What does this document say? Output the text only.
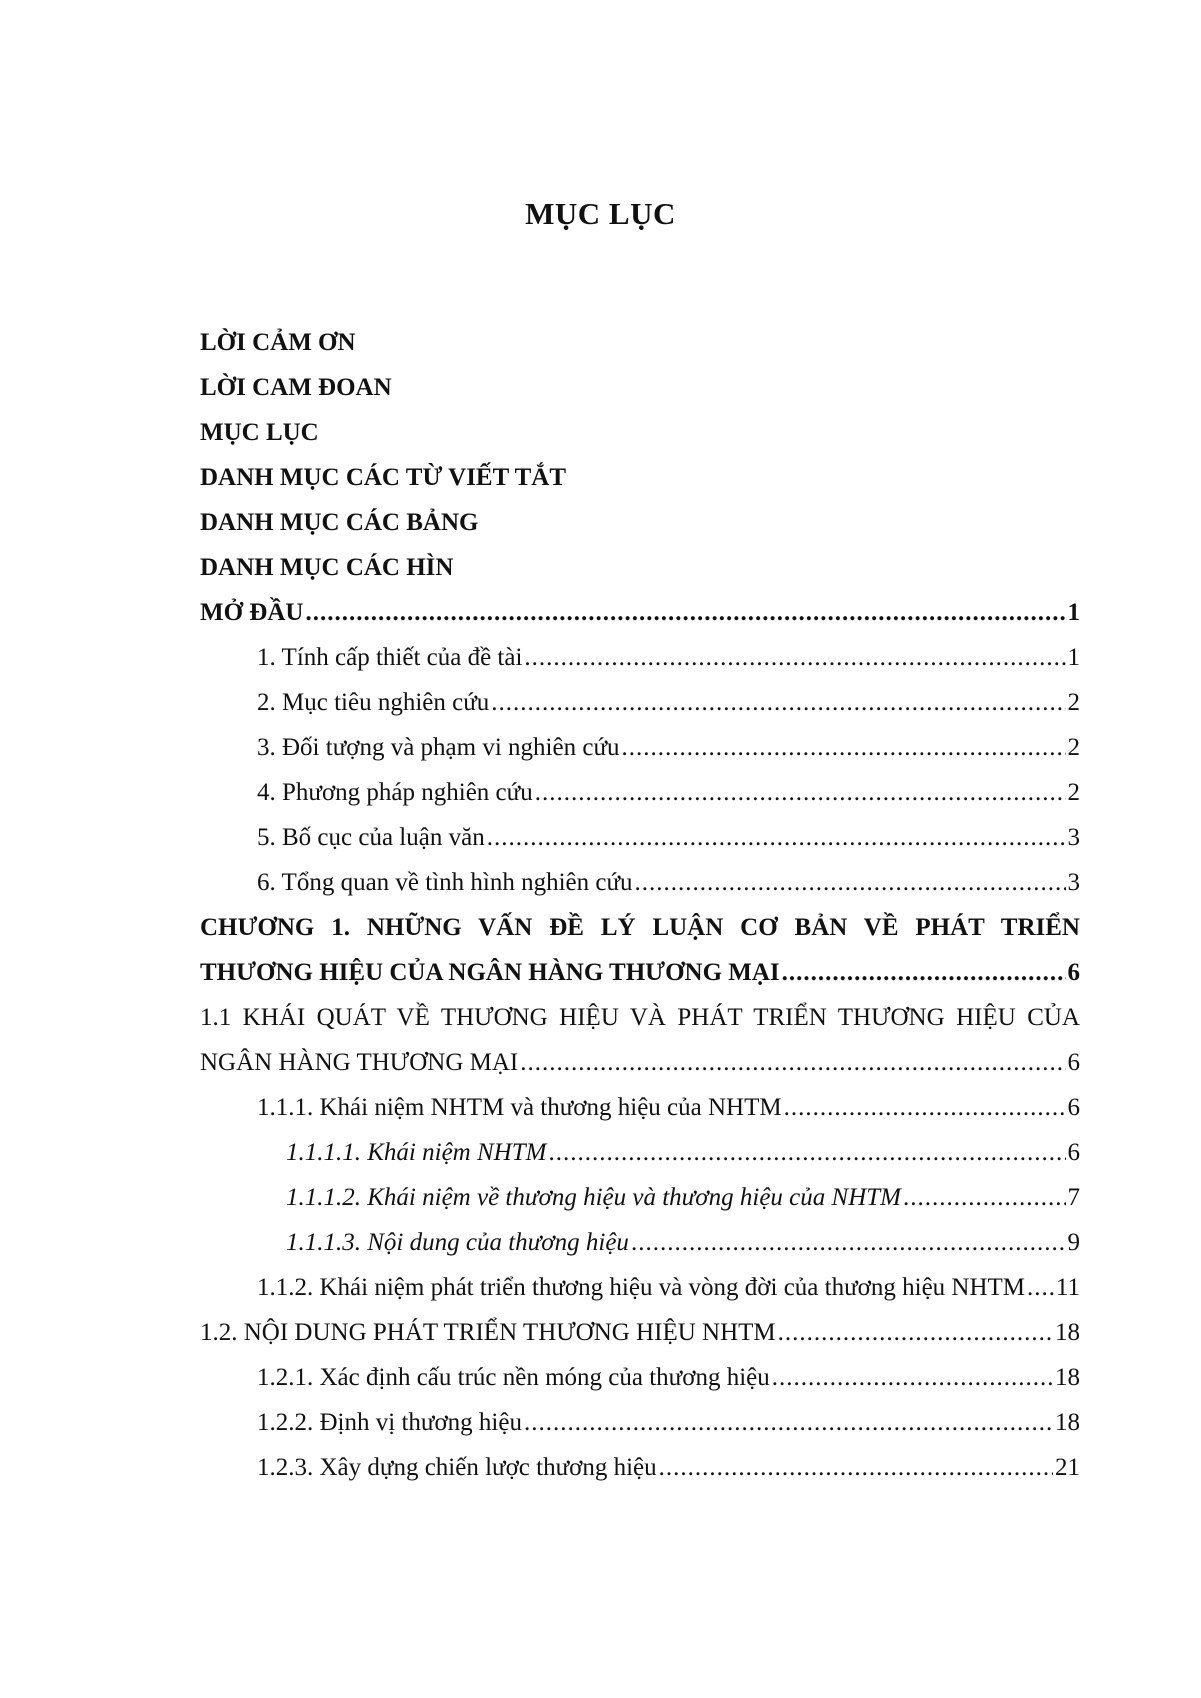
MỤC LỤC
LỜI CẢM ƠN
LỜI CAM ĐOAN
MỤC LỤC
DANH MỤC CÁC TỪ VIẾT TẮT
DANH MỤC CÁC BẢNG
DANH MỤC CÁC HÌN
MỞ ĐẦU .....	1
1. Tính cấp thiết của đề tài .....	1
2. Mục tiêu nghiên cứu .....	2
3. Đối tượng và phạm vi nghiên cứu .....	2
4. Phương pháp nghiên cứu .....	2
5. Bố cục của luận văn .....	3
6. Tổng quan về tình hình nghiên cứu .....	3
CHƯƠNG 1. NHỮNG VẤN ĐỀ LÝ LUẬN CƠ BẢN VỀ PHÁT TRIỂN
THƯƠNG HIỆU CỦA NGÂN HÀNG THƯƠNG MẠI .....	6
1.1 KHÁI QUÁT VỀ THƯƠNG HIỆU VÀ PHÁT TRIỂN THƯƠNG HIỆU CỦA
NGÂN HÀNG THƯƠNG MẠI .....	6
1.1.1. Khái niệm NHTM và thương hiệu của NHTM .....	6
1.1.1.1. Khái niệm NHTM .....	6
1.1.1.2. Khái niệm về thương hiệu và thương hiệu của NHTM .....	7
1.1.1.3. Nội dung của thương hiệu .....	9
1.1.2. Khái niệm phát triển thương hiệu và vòng đời của thương hiệu NHTM ..... 11
1.2. NỘI DUNG PHÁT TRIỂN THƯƠNG HIỆU NHTM .....	18
1.2.1. Xác định cấu trúc nền móng của thương hiệu .....	18
1.2.2. Định vị thương hiệu .....	18
1.2.3. Xây dựng chiến lược thương hiệu .....	21
